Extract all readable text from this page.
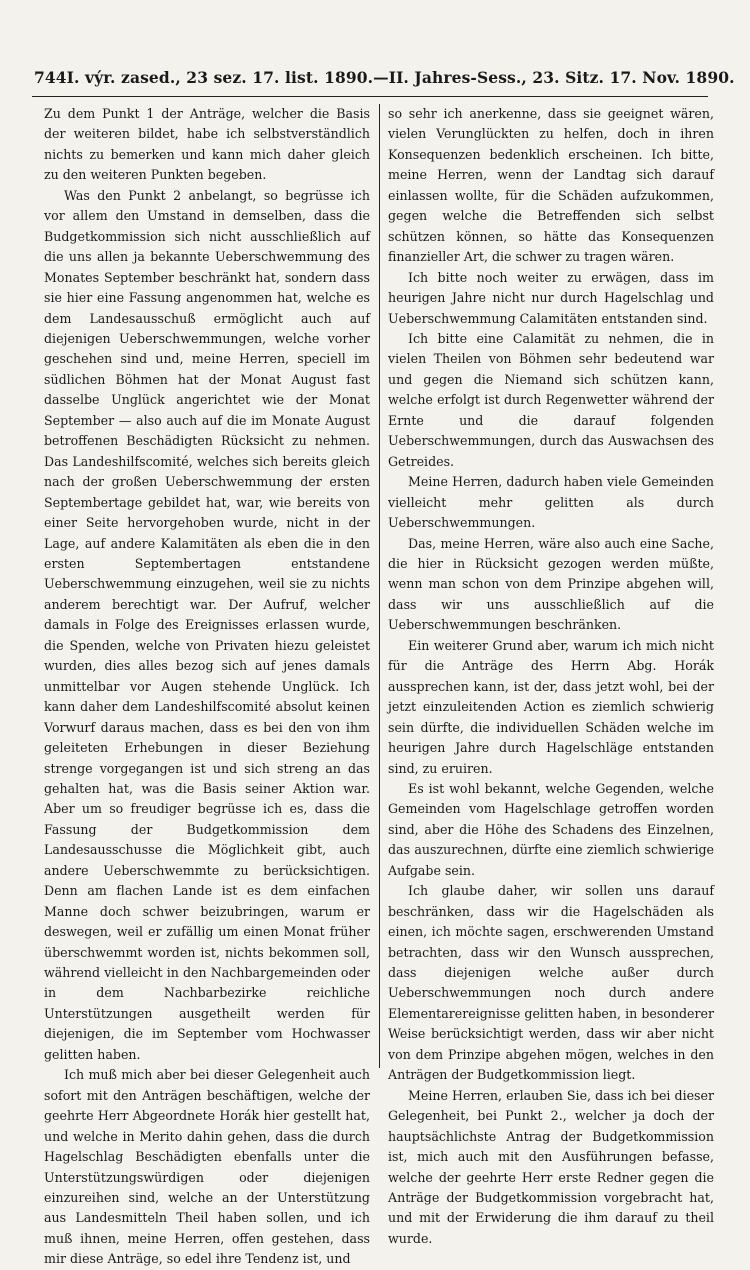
744 I. výr. zased., 23 sez. 17. list. 1890. — II. Jahres-Sess., 23. Sitz. 17. Nov. 1890.

Zu dem Punkt 1 der Anträge, welcher die Basis der weiteren bildet, habe ich selbstverständlich nichts zu bemerken und kann mich daher gleich zu den weiteren Punkten begeben.

Was den Punkt 2 anbelangt, so begrüsse ich vor allem den Umstand in demselben, dass die Budgetkommission sich nicht ausschließlich auf die uns allen ja bekannte Ueberschwemmung des Monates September beschränkt hat, sondern dass sie hier eine Fassung angenommen hat, welche es dem Landesausschuß ermöglicht auch auf diejenigen Ueberschwemmungen, welche vorher geschehen sind und, meine Herren, speciell im südlichen Böhmen hat der Monat August fast dasselbe Unglück angerichtet wie der Monat September — also auch auf die im Monate August betroffenen Beschädigten Rücksicht zu nehmen. Das Landeshilfscomité, welches sich bereits gleich nach der großen Ueberschwemmung der ersten Septembertage gebildet hat, war, wie bereits von einer Seite hervorgehoben wurde, nicht in der Lage, auf andere Kalamitäten als eben die in den ersten Septembertagen entstandene Ueberschwemmung einzugehen, weil sie zu nichts anderem berechtigt war. Der Aufruf, welcher damals in Folge des Ereignisses erlassen wurde, die Spenden, welche von Privaten hiezu geleistet wurden, dies alles bezog sich auf jenes damals unmittelbar vor Augen stehende Unglück. Ich kann daher dem Landeshilfscomité absolut keinen Vorwurf daraus machen, dass es bei den von ihm geleiteten Erhebungen in dieser Beziehung strenge vorgegangen ist und sich streng an das gehalten hat, was die Basis seiner Aktion war. Aber um so freudiger begrüsse ich es, dass die Fassung der Budgetkommission dem Landesausschusse die Möglichkeit gibt, auch andere Ueberschwemmte zu berücksichtigen. Denn am flachen Lande ist es dem einfachen Manne doch schwer beizubringen, warum er deswegen, weil er zufällig um einen Monat früher überschwemmt worden ist, nichts bekommen soll, während vielleicht in den Nachbargemeinden oder in dem Nachbarbezirke reichliche Unterstützungen ausgetheilt werden für diejenigen, die im September vom Hochwasser gelitten haben.

Ich muß mich aber bei dieser Gelegenheit auch sofort mit den Anträgen beschäftigen, welche der geehrte Herr Abgeordnete Horák hier gestellt hat, und welche in Merito dahin gehen, dass die durch Hagelschlag Beschädigten ebenfalls unter die Unterstützungswürdigen oder diejenigen einzureihen sind, welche an der Unterstützung aus Landesmitteln Theil haben sollen, und ich muß ihnen, meine Herren, offen gestehen, dass mir diese Anträge, so edel ihre Tendenz ist, und

so sehr ich anerkenne, dass sie geeignet wären, vielen Verunglückten zu helfen, doch in ihren Konsequenzen bedenklich erscheinen. Ich bitte, meine Herren, wenn der Landtag sich darauf einlassen wollte, für die Schäden aufzukommen, gegen welche die Betreffenden sich selbst schützen können, so hätte das Konsequenzen finanzieller Art, die schwer zu tragen wären.

Ich bitte noch weiter zu erwägen, dass im heurigen Jahre nicht nur durch Hagelschlag und Ueberschwemmung Calamitäten entstanden sind.

Ich bitte eine Calamität zu nehmen, die in vielen Theilen von Böhmen sehr bedeutend war und gegen die Niemand sich schützen kann, welche erfolgt ist durch Regenwetter während der Ernte und die darauf folgenden Ueberschwemmungen, durch das Auswachsen des Getreides.

Meine Herren, dadurch haben viele Gemeinden vielleicht mehr gelitten als durch Ueberschwemmungen.

Das, meine Herren, wäre also auch eine Sache, die hier in Rücksicht gezogen werden müßte, wenn man schon von dem Prinzipe abgehen will, dass wir uns ausschließlich auf die Ueberschwemmungen beschränken.

Ein weiterer Grund aber, warum ich mich nicht für die Anträge des Herrn Abg. Horák aussprechen kann, ist der, dass jetzt wohl, bei der jetzt einzuleitenden Action es ziemlich schwierig sein dürfte, die individuellen Schäden welche im heurigen Jahre durch Hagelschläge entstanden sind, zu eruiren.

Es ist wohl bekannt, welche Gegenden, welche Gemeinden vom Hagelschlage getroffen worden sind, aber die Höhe des Schadens des Einzelnen, das auszurechnen, dürfte eine ziemlich schwierige Aufgabe sein.

Ich glaube daher, wir sollen uns darauf beschränken, dass wir die Hagelschäden als einen, ich möchte sagen, erschwerenden Umstand betrachten, dass wir den Wunsch aussprechen, dass diejenigen welche außer durch Ueberschwemmungen noch durch andere Elementarereignisse gelitten haben, in besonderer Weise berücksichtigt werden, dass wir aber nicht von dem Prinzipe abgehen mögen, welches in den Anträgen der Budgetkommission liegt.

Meine Herren, erlauben Sie, dass ich bei dieser Gelegenheit, bei Punkt 2., welcher ja doch der hauptsächlichste Antrag der Budgetkommission ist, mich auch mit den Ausführungen befasse, welche der geehrte Herr erste Redner gegen die Anträge der Budgetkommission vorgebracht hat, und mit der Erwiderung die ihm darauf zu theil wurde.
